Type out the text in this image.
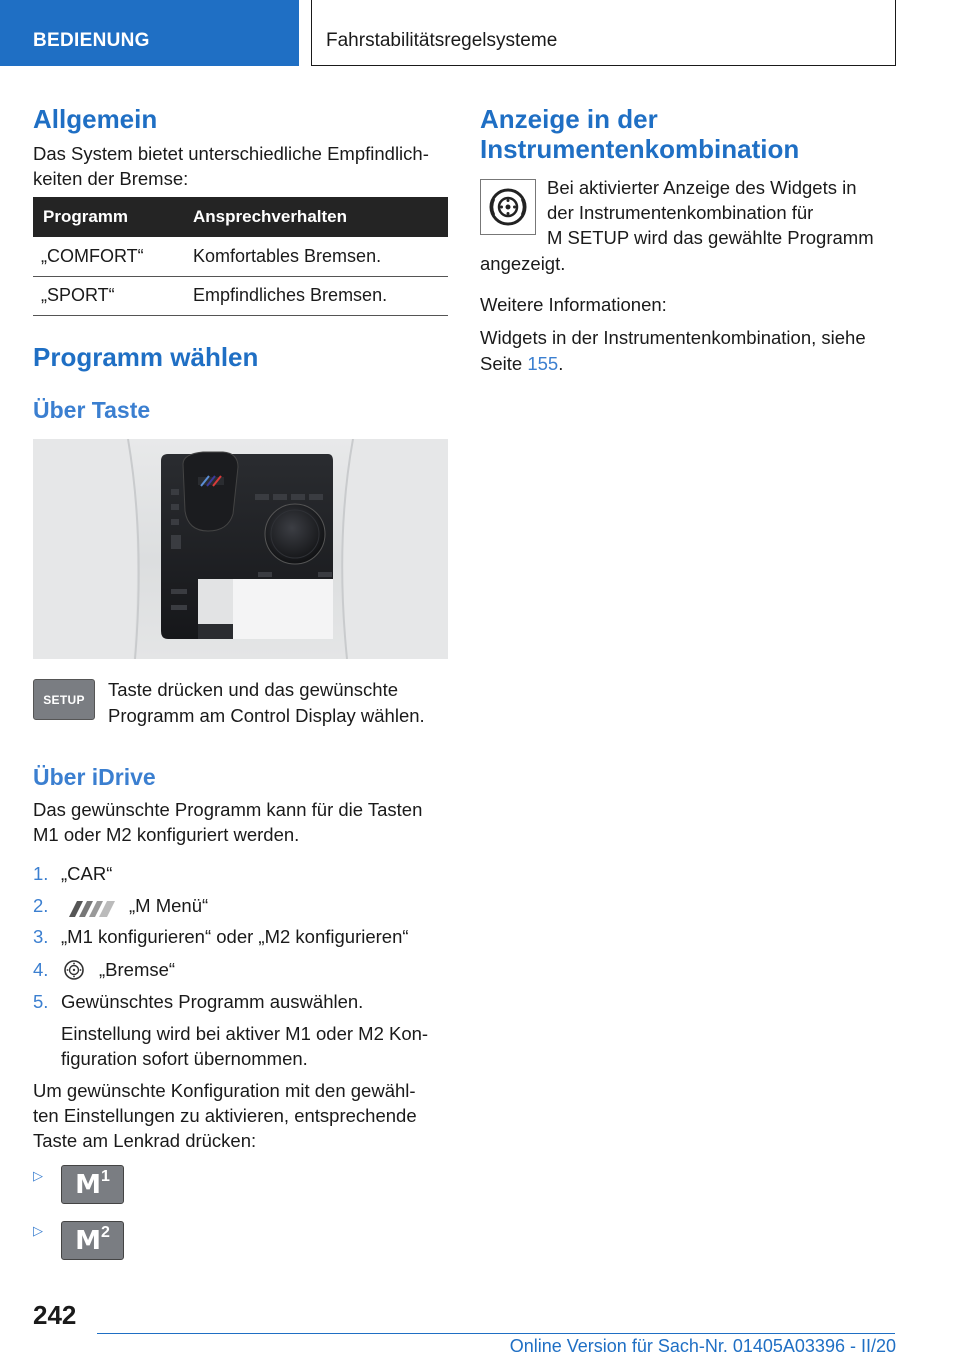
BEDIENUNG	Fahrstabilitätsregelsysteme
Allgemein

Das System bietet unterschiedliche Empfindlich-

keiten der Bremse:

Programm	Ansprechverhalten
„COMFORT“	Komfortables Bremsen.
„SPORT“	Empfindliches Bremsen.
Programm wählen
Über Taste
SETUP Taste drücken und das gewünschte

Programm am Control Display wählen.

Über iDrive

Das gewünschte Programm kann für die Tasten

M1 oder M2 konfiguriert werden.

1. „CAR“
2.	„M Menü“
3. „M1 konfigurieren“ oder „M2 konfigurieren“
4.	„Bremse“
5. Gewünschtes Programm auswählen.

Einstellung wird bei aktiver M1 oder M2 Kon-

figuration sofort übernommen.

Um gewünschte Konfiguration mit den gewähl-

ten Einstellungen zu aktivieren, entsprechende

Taste am Lenkrad drücken:

▷ M 1
▷ M 2
Anzeige in der
Instrumentenkombination

Bei aktivierter Anzeige des Widgets in

der Instrumentenkombination für

M SETUP wird das gewählte Programm

angezeigt.

Weitere Informationen:

Widgets in der Instrumentenkombination, siehe

Seite 155.

242
Online Version für Sach-Nr. 01405A03396 - II/20
